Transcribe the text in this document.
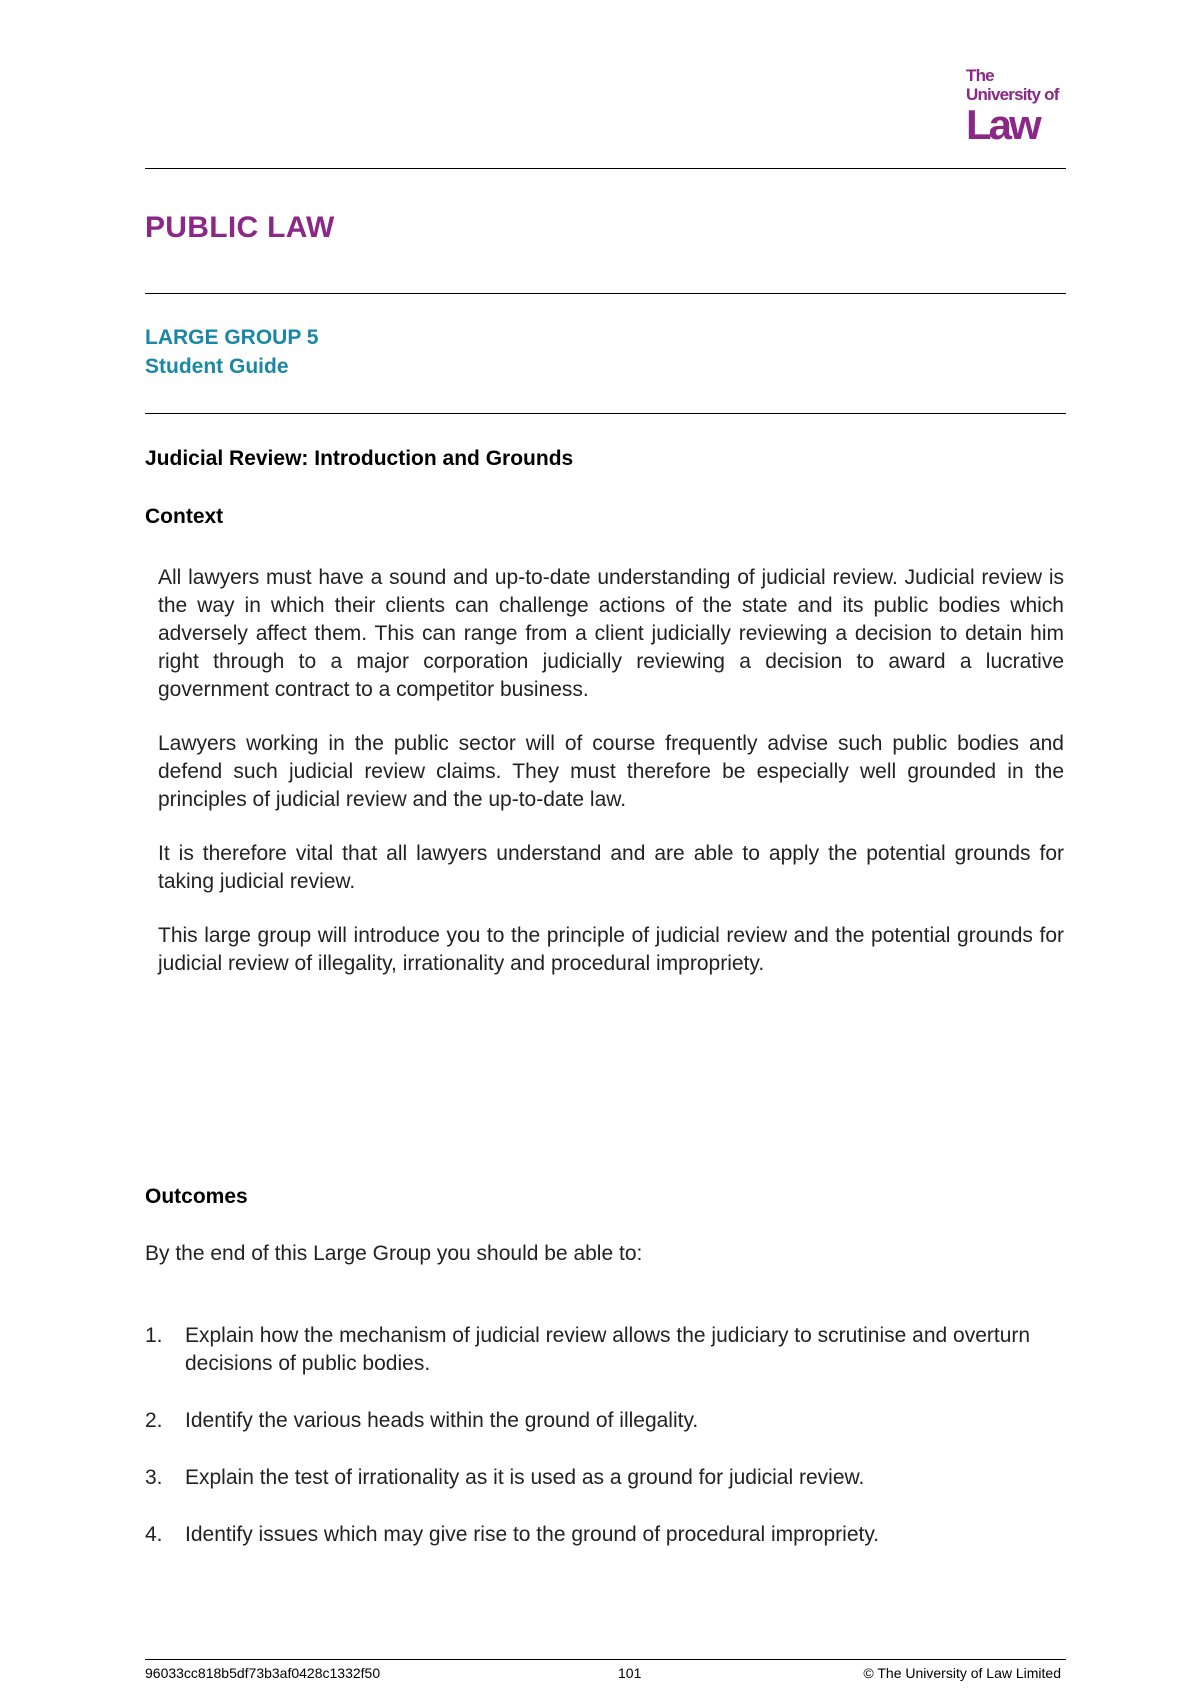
The
University of
Law
PUBLIC LAW

LARGE GROUP 5

Student Guide

Judicial Review: Introduction and Grounds

Context

All lawyers must have a sound and up-to-date understanding of judicial review. Judicial review is the way in which their clients can challenge actions of the state and its public bodies which adversely affect them. This can range from a client judicially reviewing a decision to detain him right through to a major corporation judicially reviewing a decision to award a lucrative government contract to a competitor business.

Lawyers working in the public sector will of course frequently advise such public bodies and defend such judicial review claims. They must therefore be especially well grounded in the principles of judicial review and the up-to-date law.

It is therefore vital that all lawyers understand and are able to apply the potential grounds for taking judicial review.

This large group will introduce you to the principle of judicial review and the potential grounds for judicial review of illegality, irrationality and procedural impropriety.

Outcomes

By the end of this Large Group you should be able to:

1. Explain how the mechanism of judicial review allows the judiciary to scrutinise and overturn decisions of public bodies.
2. Identify the various heads within the ground of illegality.
3. Explain the test of irrationality as it is used as a ground for judicial review.
4. Identify issues which may give rise to the ground of procedural impropriety.
96033cc818b5df73b3af0428c1332f50	101	© The University of Law Limited
